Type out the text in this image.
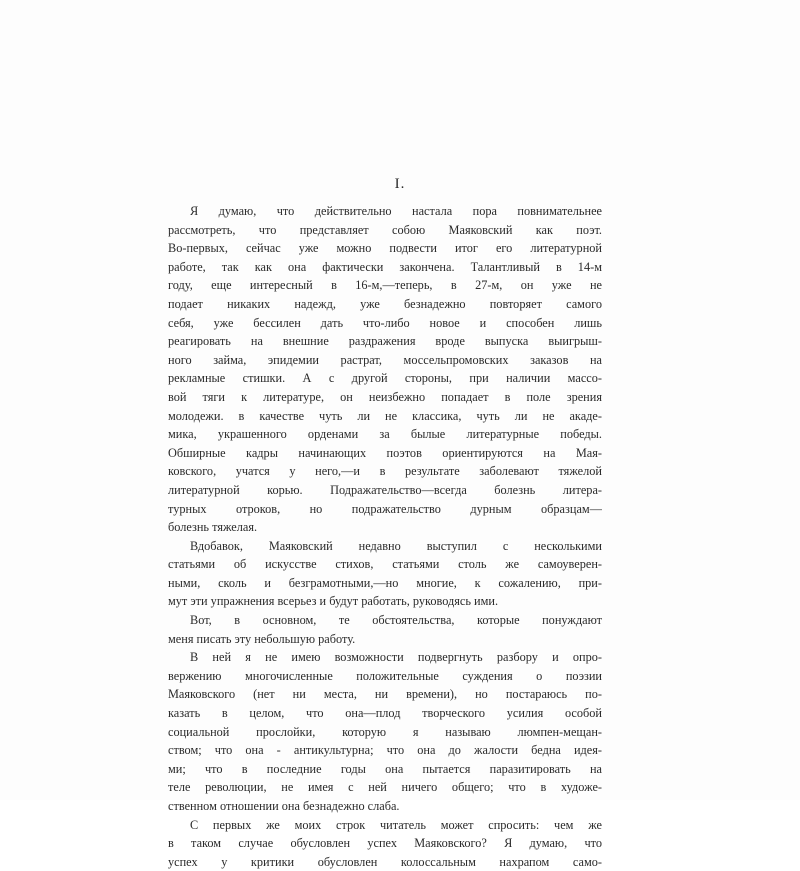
I.
Я думаю, что действительно настала пора повнимательнее
рассмотреть, что представляет собою Маяковский как поэт.
Во-первых, сейчас уже можно подвести итог его литературной
работе, так как она фактически закончена. Талантливый в 14-м
году, еще интересный в 16-м,—теперь, в 27-м, он уже не
подает никаких надежд, уже безнадежно повторяет самого
себя, уже бессилен дать что-либо новое и способен лишь
реагировать на внешние раздражения вроде выпуска выигрыш-
ного займа, эпидемии растрат, моссельпромовских заказов на
рекламные стишки. А с другой стороны, при наличии массо-
вой тяги к литературе, он неизбежно попадает в поле зрения
молодежи. в качестве чуть ли не классика, чуть ли не акаде-
мика, украшенного орденами за былые литературные победы.
Обширные кадры начинающих поэтов ориентируются на Мая-
ковского, учатся у него,—и в результате заболевают тяжелой
литературной корью. Подражательство—всегда болезнь литера-
турных отроков, но подражательство дурным образцам—
болезнь тяжелая.
Вдобавок, Маяковский недавно выступил с несколькими
статьями об искусстве стихов, статьями столь же самоуверен-
ными, сколь и безграмотными,—но многие, к сожалению, при-
мут эти упражнения всерьез и будут работать, руководясь ими.
Вот, в основном, те обстоятельства, которые понуждают
меня писать эту небольшую работу.
В ней я не имею возможности подвергнуть разбору и опро-
вержению многочисленные положительные суждения о поэзии
Маяковского (нет ни места, ни времени), но постараюсь по-
казать в целом, что она—плод творческого усилия особой
социальной прослойки, которую я называю люмпен-мещан-
ством; что она - антикультурна; что она до жалости бедна идея-
ми; что в последние годы она пытается паразитировать на
теле революции, не имея с ней ничего общего; что в художе-
ственном отношении она безнадежно слаба.
С первых же моих строк читатель может спросить: чем же
в таком случае обусловлен успех Маяковского? Я думаю, что
успех у критики обусловлен колоссальным нахрапом само-
